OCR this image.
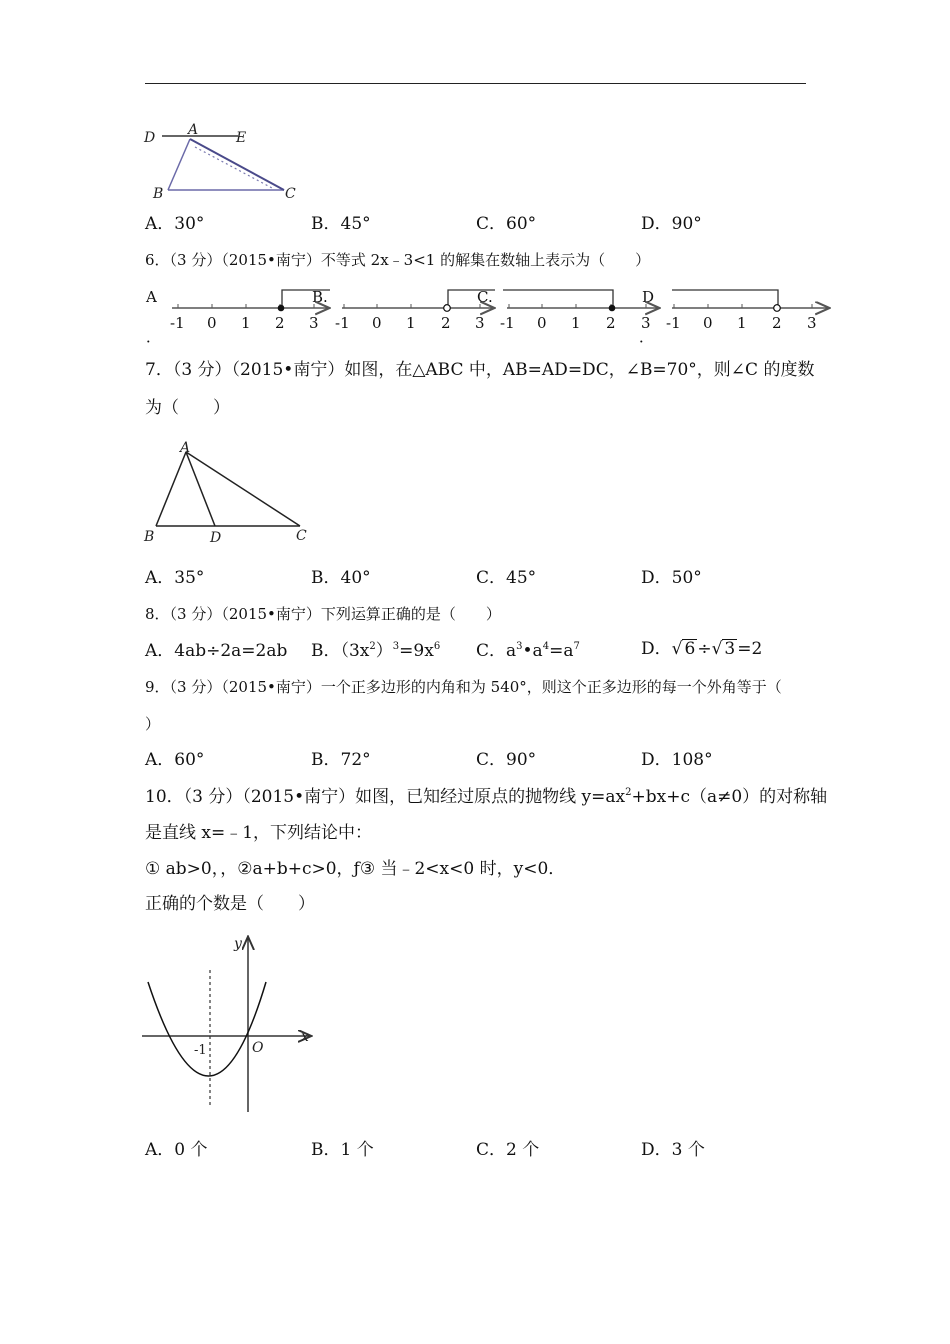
D A	E
B	C
A．30°	B．45°	C．60°	D．90°
6．（3 分）（2015•南宁）不等式 2x﹣3<1 的解集在数轴上表示为（　　）
A	B.	C.	D
．	．
-1 0 1 2 3 -1 0 1 2 3 -1 0 1 2 3 -1 0 1 2 3
7．（3 分）（2015•南宁）如图，在△ABC 中，AB=AD=DC，∠B=70°，则∠C 的度数
为（　　）
A
B	D	C
A．35°	B．40°	C．45°	D．50°
8．（3 分）（2015•南宁）下列运算正确的是（　　）
A．4ab÷2a=2ab B．$(3x^2)^3=9x^6$ C．$a^3•a^4=a^7$	D．√ 6 ÷√ 3 =2
9．（3 分）（2015•南宁）一个正多边形的内角和为 540°，则这个正多边形的每一个外角等于（
）
A．60°	B．72°	C．90°	D．108°
10．（3 分）（2015•南宁）如图，已知经过原点的抛物线 $y=ax^2+bx+c(a\ne 0)$的对称轴
是直线 x=﹣1，下列结论中：
① ab>0，，②a+b+c>0，ƒ③ 当﹣2<x<0 时，y<0．
正确的个数是（　　）
y
x
O
-1
A．0 个	B．1 个	C．2 个	D．3 个
